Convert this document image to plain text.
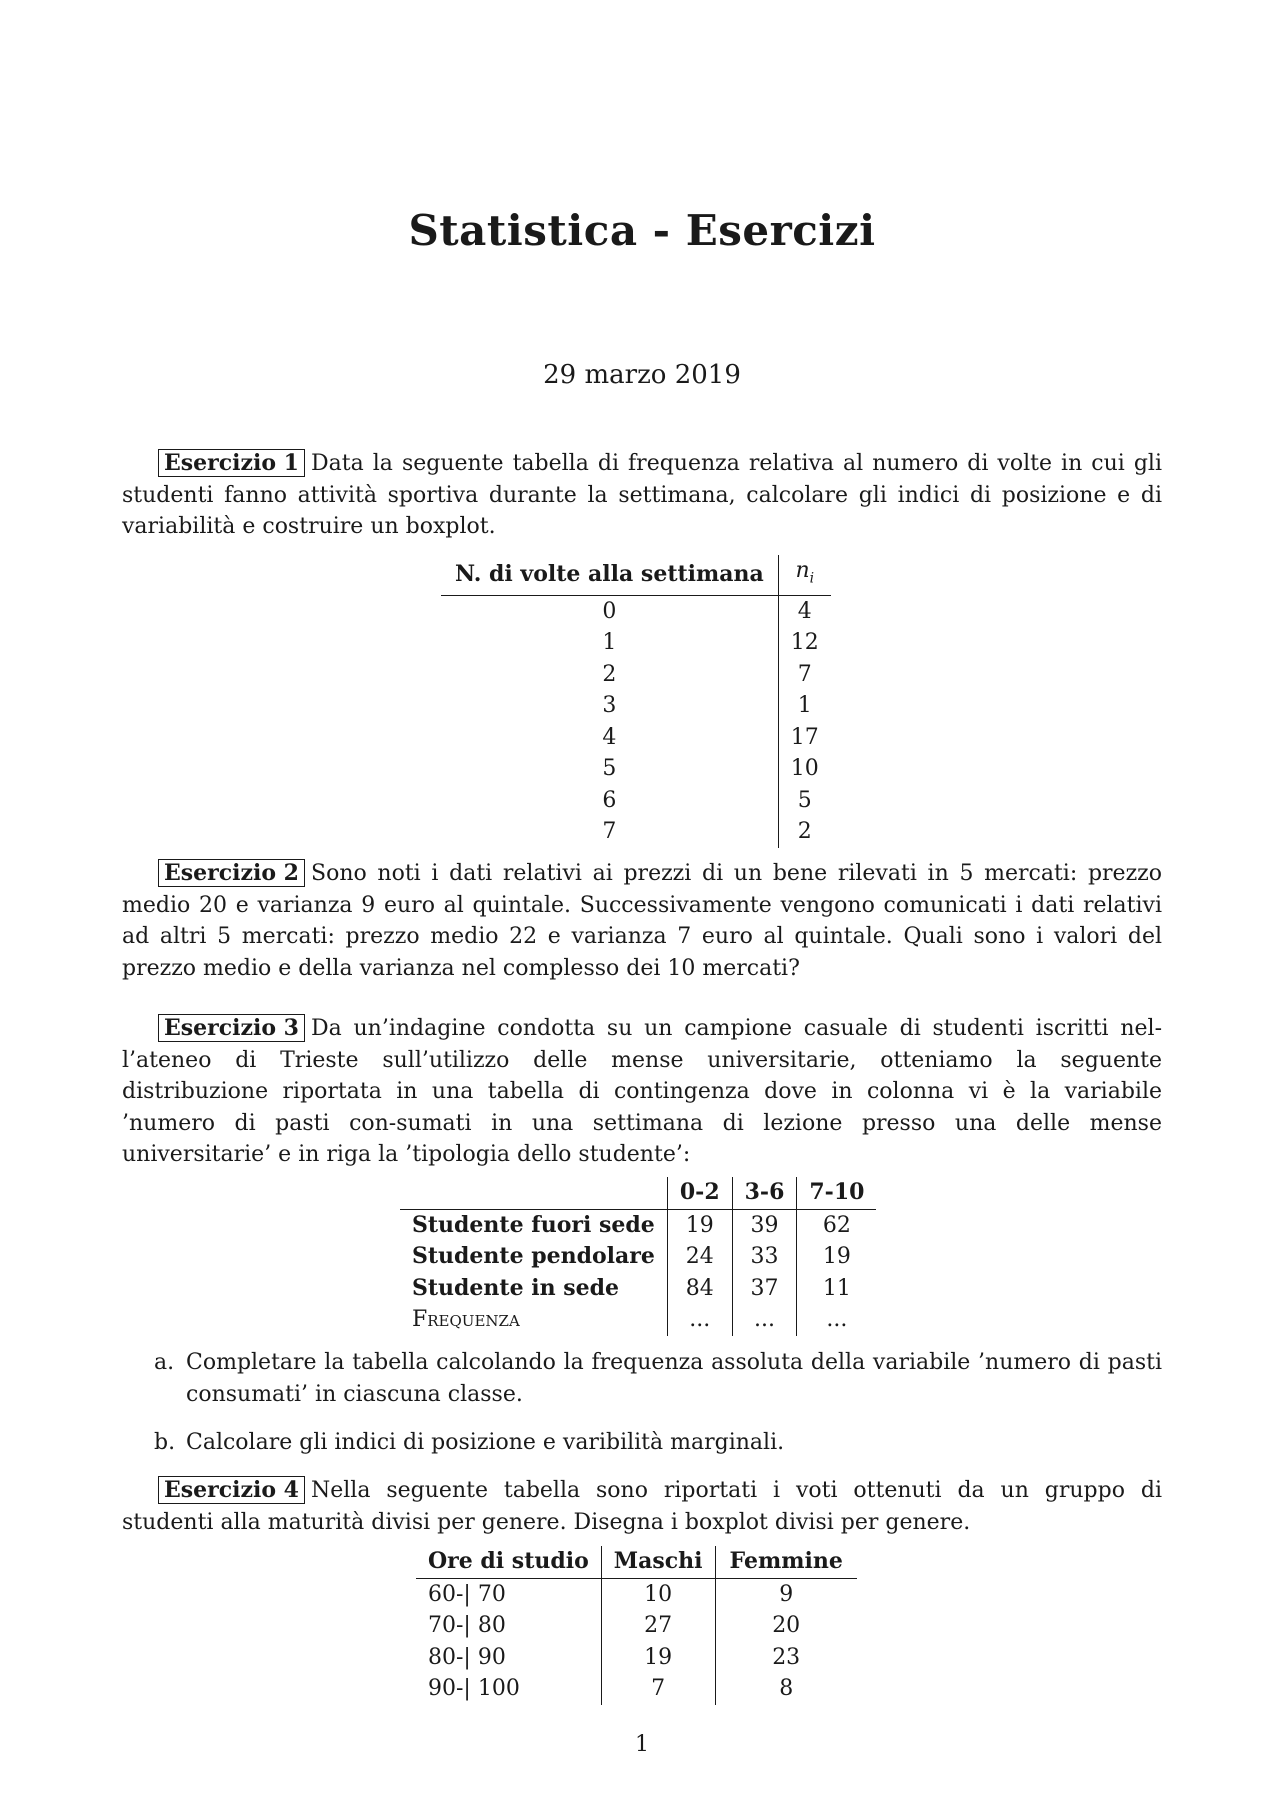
Statistica - Esercizi
29 marzo 2019

Esercizio 1 Data la seguente tabella di frequenza relativa al numero di volte in cui gli studenti fanno attività sportiva durante la settimana, calcolare gli indici di posizione e di variabilità e costruire un boxplot.

N. di volte alla settimana	$n_i$
0	4
1	12
2	7
3	1
4	17
5	10
6	5
7	2

Esercizio 2 Sono noti i dati relativi ai prezzi di un bene rilevati in 5 mercati: prezzo medio 20 e varianza 9 euro al quintale. Successivamente vengono comunicati i dati relativi ad altri 5 mercati: prezzo medio 22 e varianza 7 euro al quintale. Quali sono i valori del prezzo medio e della varianza nel complesso dei 10 mercati?

Esercizio 3 Da un’indagine condotta su un campione casuale di studenti iscritti nel-l’ateneo di Trieste sull’utilizzo delle mense universitarie, otteniamo la seguente distribuzione riportata in una tabella di contingenza dove in colonna vi è la variabile ’numero di pasti con-sumati in una settimana di lezione presso una delle mense universitarie’ e in riga la ’tipologia dello studente’:

	0-2	3-6	7-10
Studente fuori sede	19	39	62
Studente pendolare	24	33	19
Studente in sede	84	37	11
Frequenza	...	...	...
a. Completare la tabella calcolando la frequenza assoluta della variabile ’numero di pasti consumati’ in ciascuna classe.
b. Calcolare gli indici di posizione e varibilità marginali.

Esercizio 4 Nella seguente tabella sono riportati i voti ottenuti da un gruppo di studenti alla maturità divisi per genere. Disegna i boxplot divisi per genere.

Ore di studio	Maschi	Femmine
60-| 70	10	9
70-| 80	27	20
80-| 90	19	23
90-| 100	7	8
1
